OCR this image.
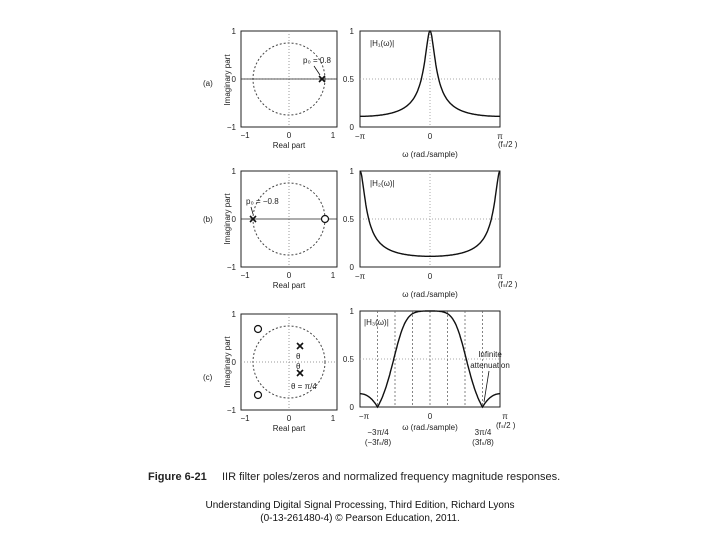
(a) Imaginary part	p₀ = 0.8
1
0
−1
−1	0	1
Real part
|H₁(ω)|
1
0.5
0
−π	0	π
(fₛ/2 )
ω (rad./sample)
(b) Imaginary part p₀ = −0.8
1
0
−1
−1	0	1
Real part
|H₂(ω)|
1
0.5
0
−π	0	π
(fₛ/2 )
ω (rad./sample)
(c) Imaginary part	θ
θ
θ = π/4
1
0
−1
−1	0	1
Real part
|H₃(ω)|
Infinite
attenuation
1
0.5
0
−π	0	π
(fₛ/2 )
ω (rad./sample)
−3π/4
(−3fₛ/8)
3π/4
(3fₛ/8)
Figure 6-21 IIR filter poles/zeros and normalized frequency magnitude responses.
Understanding Digital Signal Processing, Third Edition, Richard Lyons
(0-13-261480-4) © Pearson Education, 2011.
